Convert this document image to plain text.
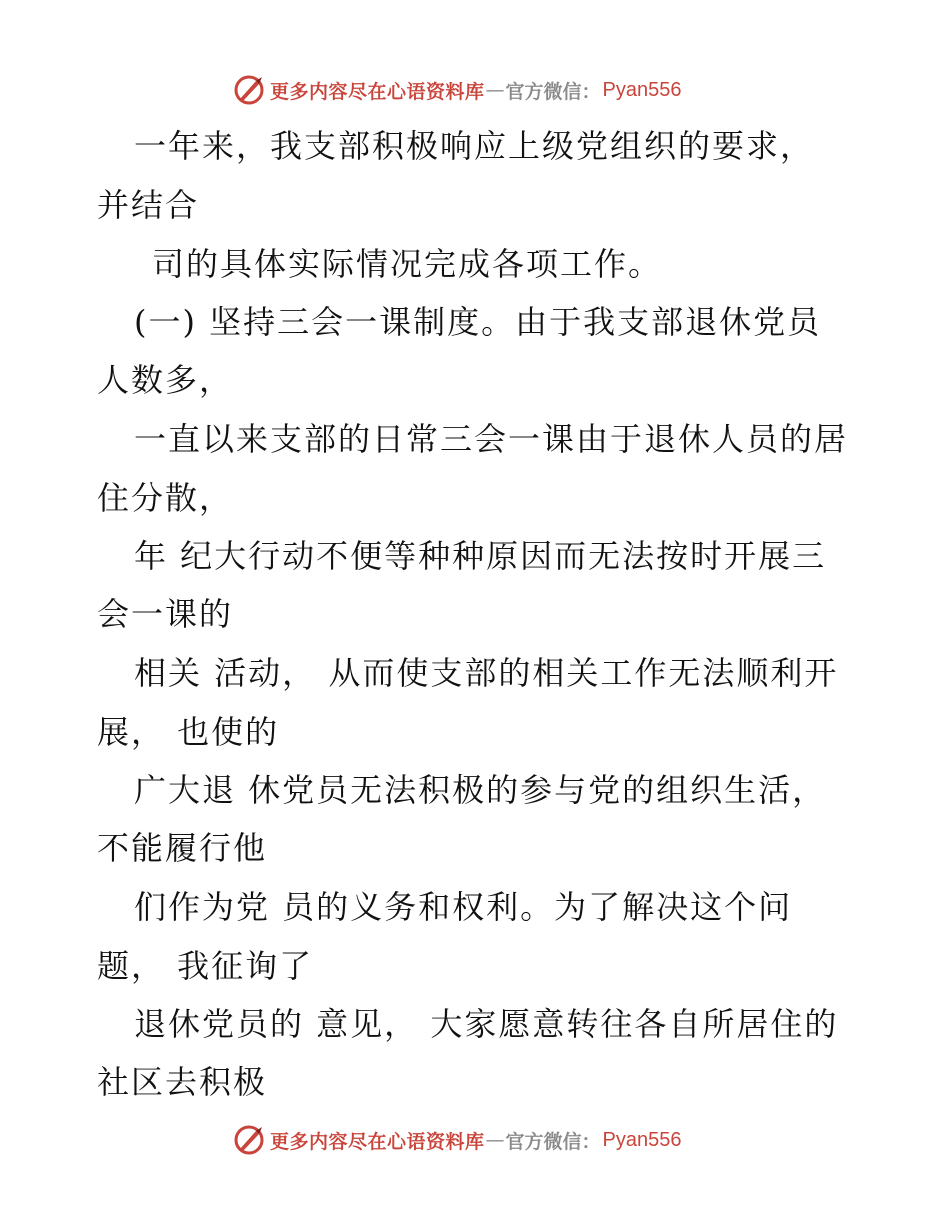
更多内容尽在心语资料库 — 官方微信： Pyan556
一年来，我支部积极响应上级党组织的要求，
并结合
司的具体实际情况完成各项工作。
(一) 坚持三会一课制度。由于我支部退休党员
人数多，
一直以来支部的日常三会一课由于退休人员的居
住分散，
年 纪大行动不便等种种原因而无法按时开展三
会一课的
相关 活动， 从而使支部的相关工作无法顺利开
展， 也使的
广大退 休党员无法积极的参与党的组织生活，
不能履行他
们作为党 员的义务和权利。为了解决这个问
题， 我征询了
退休党员的 意见， 大家愿意转往各自所居住的
社区去积极
更多内容尽在心语资料库 — 官方微信： Pyan556
